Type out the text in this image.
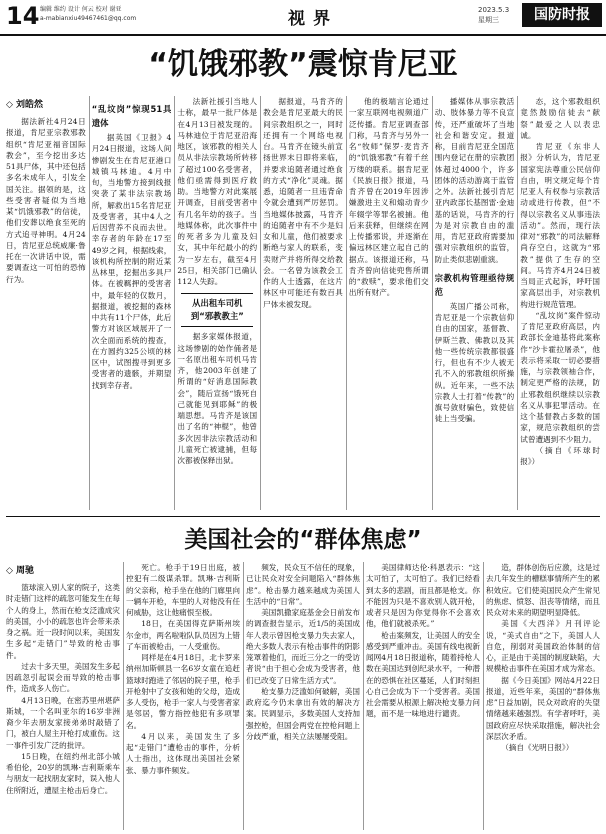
14 编辑 维约 设计 何云 校对 谢亚
a-mabianxiu49467461@qq.com	视界	2023.5.3
星期三	国防时报
“饥饿邪教”震惊肯尼亚
◇ 刘皓然

据法新社4月24日报道，肯尼亚宗教邪教组织“肯尼亚福音国际教会”，至今挖出多达51具尸体，其中还包括多名未成年人，引发全国关注。据领的是，这些受害者疑似为当地某“饥饿邪教”的信徒，他们安葬以绝食至死的方式追寻神明。4月24日，肯尼亚总统威廉·鲁托在一次讲话中说，需要调查这一可怕的恐怖行为。

“乱坟岗”惊现51具遗体

据英国《卫报》4月24日报道，这场人间惨剧发生在肯尼亚港口城镇马林迪。4月中旬，当地警方接到线报突袭了某非法宗教场所，解救出15名肯尼亚及受害者，其中4人之后因营养不良而去世。幸存者的年龄在17至49岁之间，根据线索，该机构所控制的附近某丛林里，挖掘出多具尸体。在被羁押的受害者中，最年轻的仅数月，据报道，被挖掘的森林中共有11个尸体，此后警方对该区域展开了一次全面而系统的搜查，在方圆约325公顷的林区中，试图搜寻到更多受害者的遗骸，并期望找到幸存者。

法新社援引当地人士称，最早一批尸体是在4月13日被发现的。马林迪位于肯尼亚沿海地区，该邪教的相关人员从非法宗教场所转移了超过100名受害者，他们亟需得到医疗救助。当地警方对此案展开调查，目前受害者中有几名年幼的孩子。当地媒体称，此次事件中的死者多为儿童及妇女，其中年纪最小的约为一岁左右，截至4月25日，相关部门已确认112人失踪。

从出租车司机到“邪教教主”

据多家媒体报道，这场惨剧的始作俑者是一名原出租车司机马肯齐，他2003年创建了所谓的“好消息国际教会”，随后宣扬“饿死自己就能见到耶稣”的极端思想。马肯齐是该国出了名的“神棍”，他曾多次因非法宗教活动和儿童死亡被逮捕，但每次都被保释出狱。

据报道，马肯齐的教会是肯尼亚最大的民间宗教组织之一，同时还拥有一个网络电视台。马肯齐在镜头前宣扬世界末日即将来临，并要求追随者通过绝食的方式“净化”灵魂。据悉，追随者一旦违背命令就会遭到严厉惩罚。当地媒体披露，马肯齐的追随者中有不少是妇女和儿童，他们被要求断绝与家人的联系，变卖财产并将所得交给教会。一名曾为该教会工作的人士透露，在这片林区中可能还有数百具尸体未被发现。

他的极端言论通过一家互联网电视频道广泛传播。肯尼亚调查部门称，马肯齐与另外一名“牧师”保罗·麦肯齐的“饥饿邪教”有着千丝万缕的联系。据肯尼亚《民族日报》报道，马肯齐曾在2019年因涉嫌激进主义和煽动青少年辍学等罪名被捕。他后来获释，但继续在网上传播邪说，并逐渐在偏远林区建立起自己的据点。该报道还称，马肯齐曾向信徒兜售所谓的“救赎”，要求他们交出所有财产。

播媒体从事宗教活动、肢体暴力等不良宣传，还严重破坏了当地社会和谐安定。报道称，目前肯尼亚全国范围内登记在册的宗教团体超过4000个，许多团体的活动游离于监管之外。法新社援引肯尼亚内政部长基图雷·金迪基的话说，马肯齐的行为是对宗教自由的滥用，肯尼亚政府需要加强对宗教组织的监管，防止类似悲剧重演。

宗教机构管理亟待规范

英国广播公司称，肯尼亚是一个宗教信仰自由的国家，基督教、伊斯兰教、佛教以及其他一些传统宗教都很盛行，但也有不少人被无孔不入的邪教组织所操纵。近年来，一些不法宗教人士打着“传教”的旗号敛财骗色，致使信徒上当受骗。

态，这个邪教组织竟然鼓励信徒去“献祭”最爱之人以表忠诚。

肯尼亚《东非人报》分析认为，肯尼亚国家宪法尊重公民信仰自由，明文规定每个肯尼亚人有权参与宗教活动或进行传教，但“不得以宗教名义从事违法活动”。然而，现行法律对“邪教”的司法解释尚存空白，这就为“邪教”提供了生存的空间。马肯齐4月24日被当局正式起诉，呼吁国家高层出手，对宗教机构进行规范管理。

“乱坟岗”案件惊动了肯尼亚政府高层，内政部长金迪基将此案称作“沙卡霍拉屠杀”，他表示将采取一切必要措施，与宗教领袖合作，制定更严格的法规，防止邪教组织继续以宗教名义从事犯罪活动。在这个基督教占多数的国家，规范宗教组织的尝试曾遭遇到不少阻力。

（摘自《环球时报》）

美国社会的“群体焦虑”
◇ 周驰

篮球滚入别人家的院子，这类时走错门这样的疏忽可能发生在每个人的身上，然而在枪支泛滥成灾的美国，小小的疏忽也许会带来杀身之祸。近一段时间以来，美国发生多起“走错门”导致的枪击事件。

过去十多天里，美国发生多起因疏忽引起误会而导致的枪击事件，造成多人伤亡。

4月13日晚，在密苏里州堪萨斯城，一个名叫亚尔的16岁非洲裔少年去朋友家接弟弟时敲错了门，被白人屋主开枪打成重伤。这一事件引发广泛的批评。

15日晚，在纽约州北部小城希伯伦，20岁的凯琳·吉利斯乘车与朋友一起找朋友家时，误入他人住所附近，遭屋主枪击后身亡。

死亡。枪手于19日出庭，被控犯有二级谋杀罪。凯琳·吉利斯的父亲称，枪手坐在他的门廊里向一辆车开枪，车里的人对他没有任何威胁，这让他痛恨至极。

18日，在美国得克萨斯州埃尔金市，两名啦啦队队员因为上错了车而被枪击，一人受重伤。

同样是在4月18日，北卡罗来纳州加斯顿县一名6岁女童在追赶篮球时跑进了邻居的院子里，枪手开枪射中了女孩和她的父母，造成多人受伤，枪手一家人与受害者家是邻居，警方指控他犯有多项罪名。

4月以来，美国发生了多起“走错门”遭枪击的事件，分析人士指出，这体现出美国社会紧张、暴力事件频发。

频发，民众互不信任的现象，已让民众对安全问题陷入“群体焦虑”。枪击暴力越来越成为美国人生活中的“日常”。

美国凯撒家庭基金会日前发布的调查报告显示，近1/5的美国成年人表示曾因枪支暴力失去家人，绝大多数人表示有枪击事件的阴影笼罩着他们，而近三分之一的受访者说“由于担心会成为受害者，他们已改变了日常生活方式”。

枪支暴力泛滥如何破解，美国政府迄今仍未拿出有效的解决方案。民调显示，多数美国人支持加强控枪，但国会两党在控枪问题上分歧严重，相关立法屡屡受阻。

美国律师达伦·科恩表示：“这太可怕了，太可怕了。我们已经看到太多的悲剧，而且都是枪支。你不能因为只是不喜欢别人就开枪，或者只是因为你觉得你不会喜欢他，他们就被杀死。”

枪击案频发，让美国人的安全感受到严重冲击。美国有线电视新闻网4月18日报道称，随着持枪人数在美国达到创纪录水平，一种潜在的恐惧在社区蔓延，人们时刻担心自己会成为下一个受害者。美国社会需要从根源上解决枪支暴力问题，而不是一味地进行谴责。

造，群体创伤后应激，这是过去几年发生的槽糕事情所产生的累积效应。它们使美国民众产生常见的焦虑、愤怒、沮丧等情绪，而且民众对未来的期望明显降低。

美国《大西洋》月刊评论说，“美式自由”之下，美国人人自危，削弱对美国政治体制的信心，正是由于美国的制度缺陷，大规模枪击事件在美国才成为常态。

据《今日美国》网站4月22日报道，近些年来，美国的“群体焦虑”日益加剧，民众对政府的失望情绪越来越强烈。有学者呼吁，美国政府应尽快采取措施，解决社会深层次矛盾。

（摘自《光明日报》）
